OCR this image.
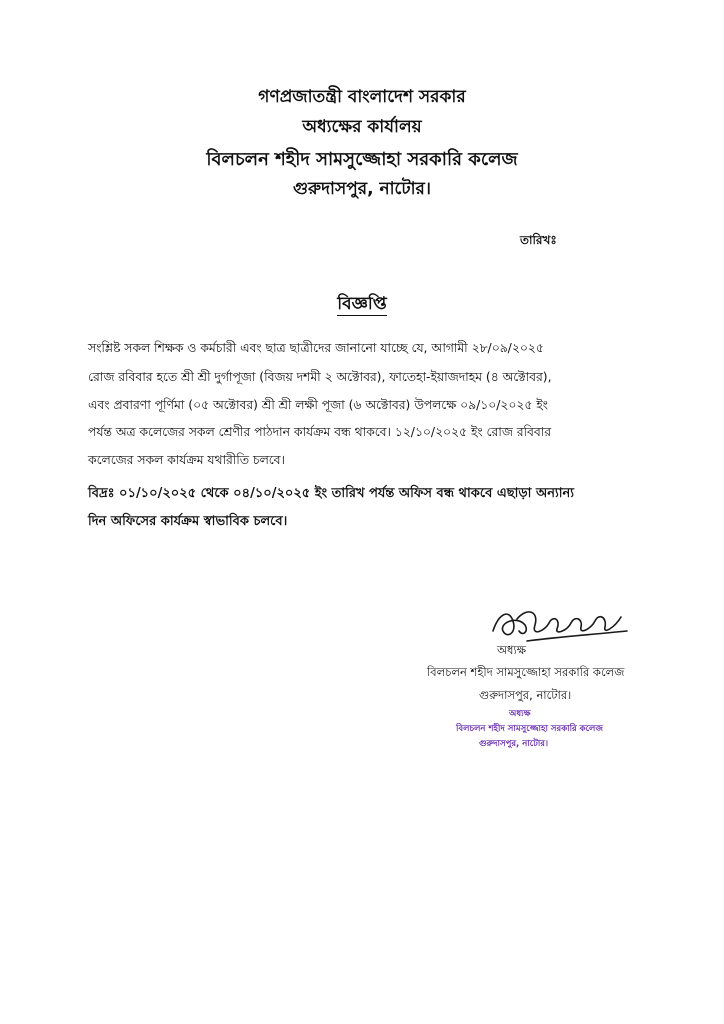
গণপ্রজাতন্ত্রী বাংলাদেশ সরকার
অধ্যক্ষের কার্যালয়
বিলচলন শহীদ সামসুজ্জোহা সরকারি কলেজ
গুরুদাসপুর, নাটোর।
তারিখঃ
বিজ্ঞপ্তি
সংশ্লিষ্ট সকল শিক্ষক ও কর্মচারী এবং ছাত্র ছাত্রীদের জানানো যাচ্ছে যে, আগামী ২৮/০৯/২০২৫
রোজ রবিবার হতে শ্রী শ্রী দুর্গাপূজা (বিজয় দশমী ২ অক্টোবর), ফাতেহা-ইয়াজদাহম (৪ অক্টোবর),
এবং প্রবারণা পূর্ণিমা (০৫ অক্টোবর) শ্রী শ্রী লক্ষী পূজা (৬ অক্টোবর) উপলক্ষে ০৯/১০/২০২৫ ইং
পর্যন্ত অত্র কলেজের সকল শ্রেণীর পাঠদান কার্যক্রম বন্ধ থাকবে। ১২/১০/২০২৫ ইং রোজ রবিবার
কলেজের সকল কার্যক্রম যথারীতি চলবে।
বিদ্রঃ ০১/১০/২০২৫ থেকে ০৪/১০/২০২৫ ইং তারিখ পর্যন্ত অফিস বন্ধ থাকবে এছাড়া অন্যান্য
দিন অফিসের কার্যক্রম স্বাভাবিক চলবে।
অধ্যক্ষ
বিলচলন শহীদ সামসুজ্জোহা সরকারি কলেজ
গুরুদাসপুর, নাটোর।
অধ্যক্ষ
বিলচলন শহীদ সামসুজ্জোহা সরকারি কলেজ
গুরুদাসপুর, নাটোর।
